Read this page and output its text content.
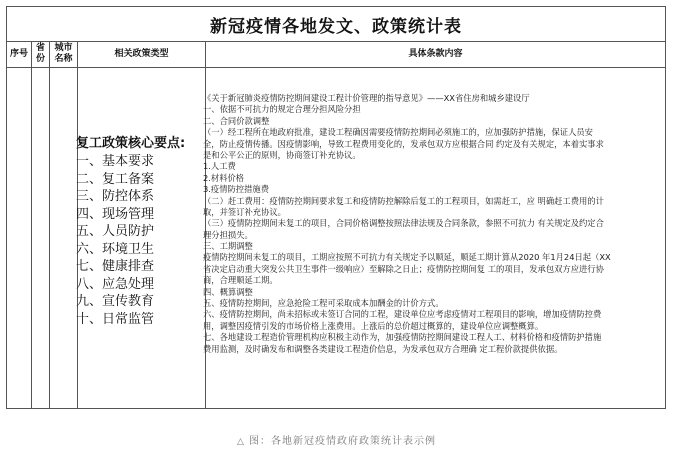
新冠疫情各地发文、政策统计表
序号
省份
城市名称
相关政策类型	具体条款内容
复工政策核心要点:
一、基本要求
二、复工备案
三、防控体系
四、现场管理
五、人员防护
六、环境卫生
七、健康排查
八、应急处理
九、宣传教育
十、日常监管
《关于新冠肺炎疫情防控期间建设工程计价管理的指导意见》——XX省住房和城乡建设厅
一、依据不可抗力的规定合理分担风险分担
二、合同价款调整
（一）经工程所在地政府批准，建设工程确因需要疫情防控期间必须施工的，应加强防护措施，保证人员安
全，防止疫情传播。因疫情影响，导致工程费用变化的，发承包双方应根据合同 约定及有关规定，本着实事求
是和公平公正的原则，协商签订补充协议。
1.人工费
2.材料价格
3.疫情防控措施费
（二）赶工费用：疫情防控期间要求复工和疫情防控解除后复工的工程项目，如需赶工，应 明确赶工费用的计
取，并签订补充协议。
（三）疫情防控期间未复工的项目，合同价格调整按照法律法规及合同条款，参照不可抗力 有关规定及约定合
理分担损失。
三、工期调整
疫情防控期间未复工的项目，工期应按照不可抗力有关规定予以顺延，顺延工期计算从2020 年1月24日起（XX
省决定启动重大突发公共卫生事件一级响应）至解除之日止；疫情防控期间复 工的项目，发承包双方应进行协
商，合理顺延工期。
四、概算调整
五、疫情防控期间，应急抢险工程可采取成本加酬金的计价方式。
六、疫情防控期间，尚未招标或未签订合同的工程，建设单位应考虑疫情对工程项目的影响，增加疫情防控费
用，调整因疫情引发的市场价格上涨费用。上涨后的总价超过概算的，建设单位应调整概算。
七、各地建设工程造价管理机构应积极主动作为，加强疫情防控期间建设工程人工、材料价格和疫情防护措施
费用监测，及时确发布和调整各类建设工程造价信息，为发承包双方合理确 定工程价款提供依据。
△ 图：各地新冠疫情政府政策统计表示例
